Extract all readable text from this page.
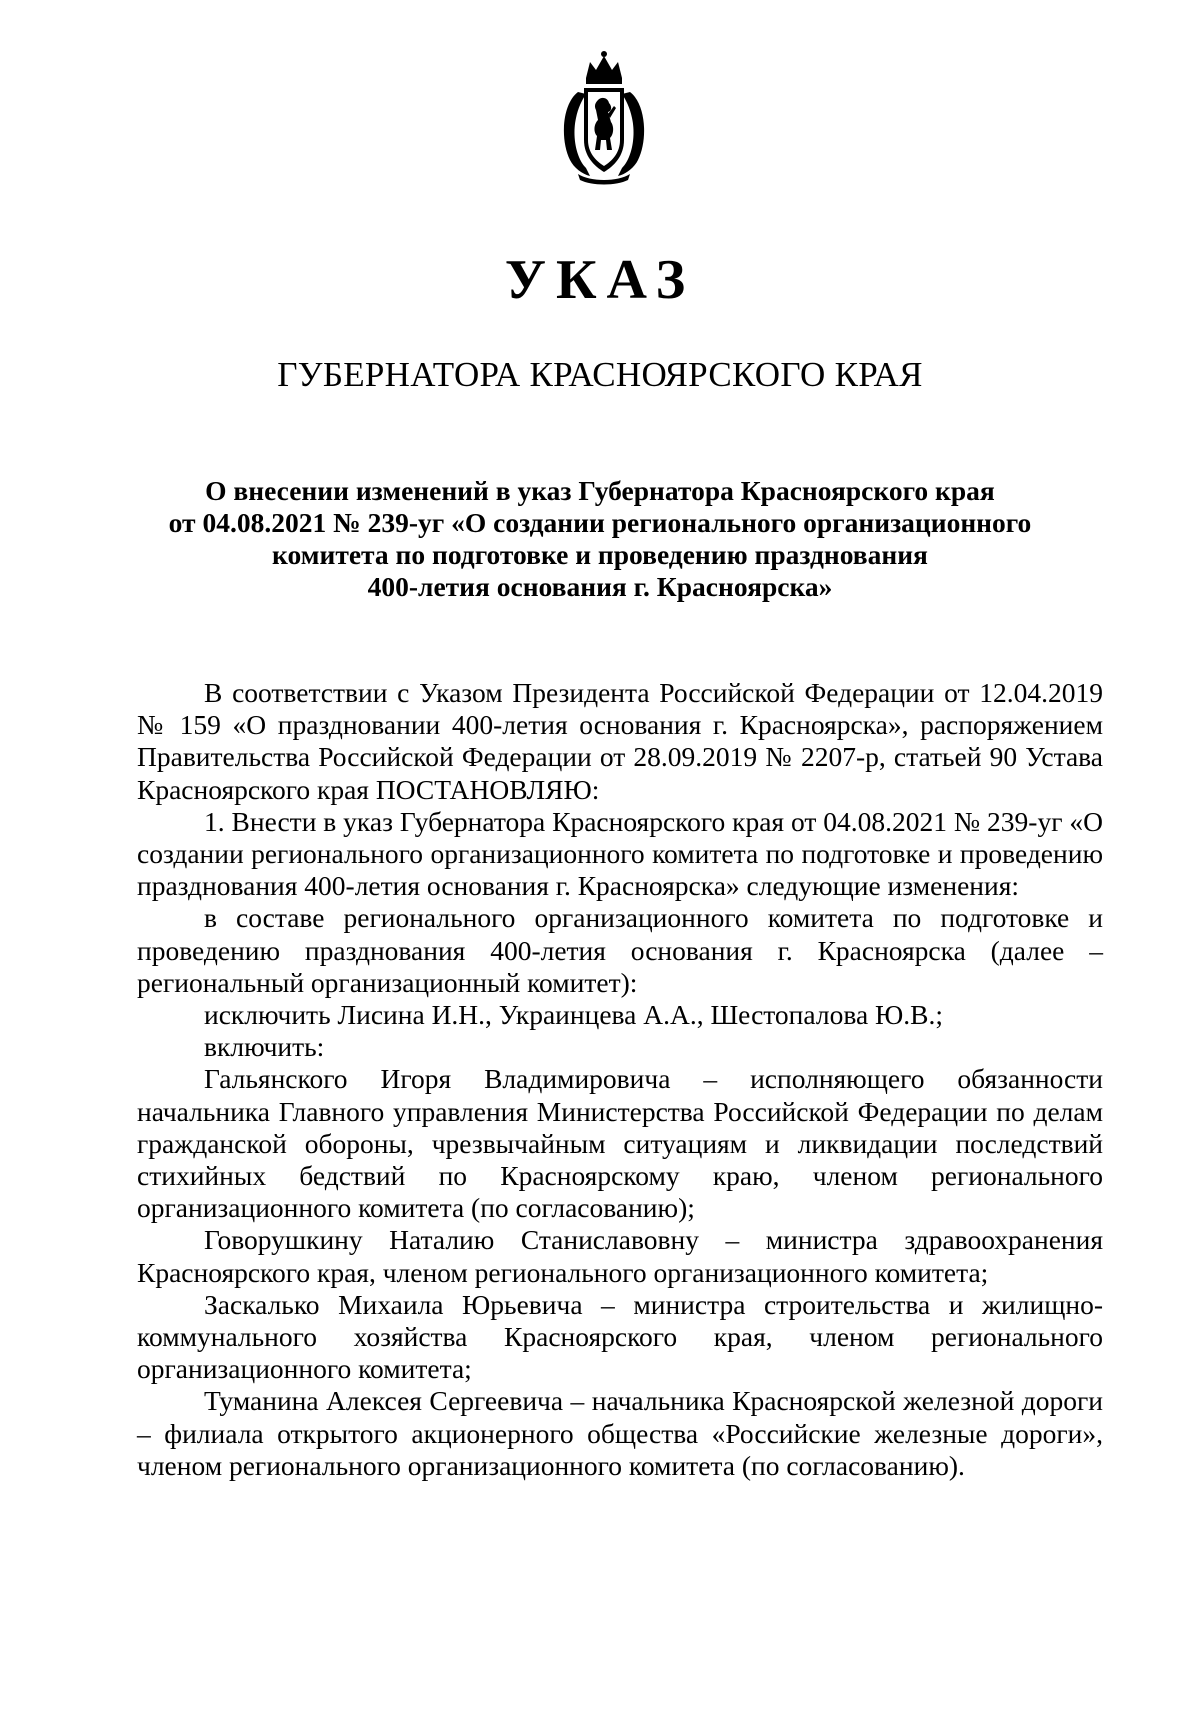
УКАЗ
ГУБЕРНАТОРА КРАСНОЯРСКОГО КРАЯ
О внесении изменений в указ Губернатора Красноярского края
от 04.08.2021 № 239-уг «О создании регионального организационного
комитета по подготовке и проведению празднования
400-летия основания г. Красноярска»

В соответствии с Указом Президента Российской Федерации от 12.04.2019 № 159 «О праздновании 400-летия основания г. Красноярска», распоряжением Правительства Российской Федерации от 28.09.2019 № 2207-р, статьей 90 Устава Красноярского края ПОСТАНОВЛЯЮ:

1. Внести в указ Губернатора Красноярского края от 04.08.2021 № 239-уг «О создании регионального организационного комитета по подготовке и проведению празднования 400-летия основания г. Красноярска» следующие изменения:

в составе регионального организационного комитета по подготовке и проведению празднования 400-летия основания г. Красноярска (далее – региональный организационный комитет):

исключить Лисина И.Н., Украинцева А.А., Шестопалова Ю.В.;

включить:

Гальянского Игоря Владимировича – исполняющего обязанности начальника Главного управления Министерства Российской Федерации по делам гражданской обороны, чрезвычайным ситуациям и ликвидации последствий стихийных бедствий по Красноярскому краю, членом регионального организационного комитета (по согласованию);

Говорушкину Наталию Станиславовну – министра здравоохранения Красноярского края, членом регионального организационного комитета;

Заскалько Михаила Юрьевича – министра строительства и жилищно-коммунального хозяйства Красноярского края, членом регионального организационного комитета;

Туманина Алексея Сергеевича – начальника Красноярской железной дороги – филиала открытого акционерного общества «Российские железные дороги», членом регионального организационного комитета (по согласованию).
